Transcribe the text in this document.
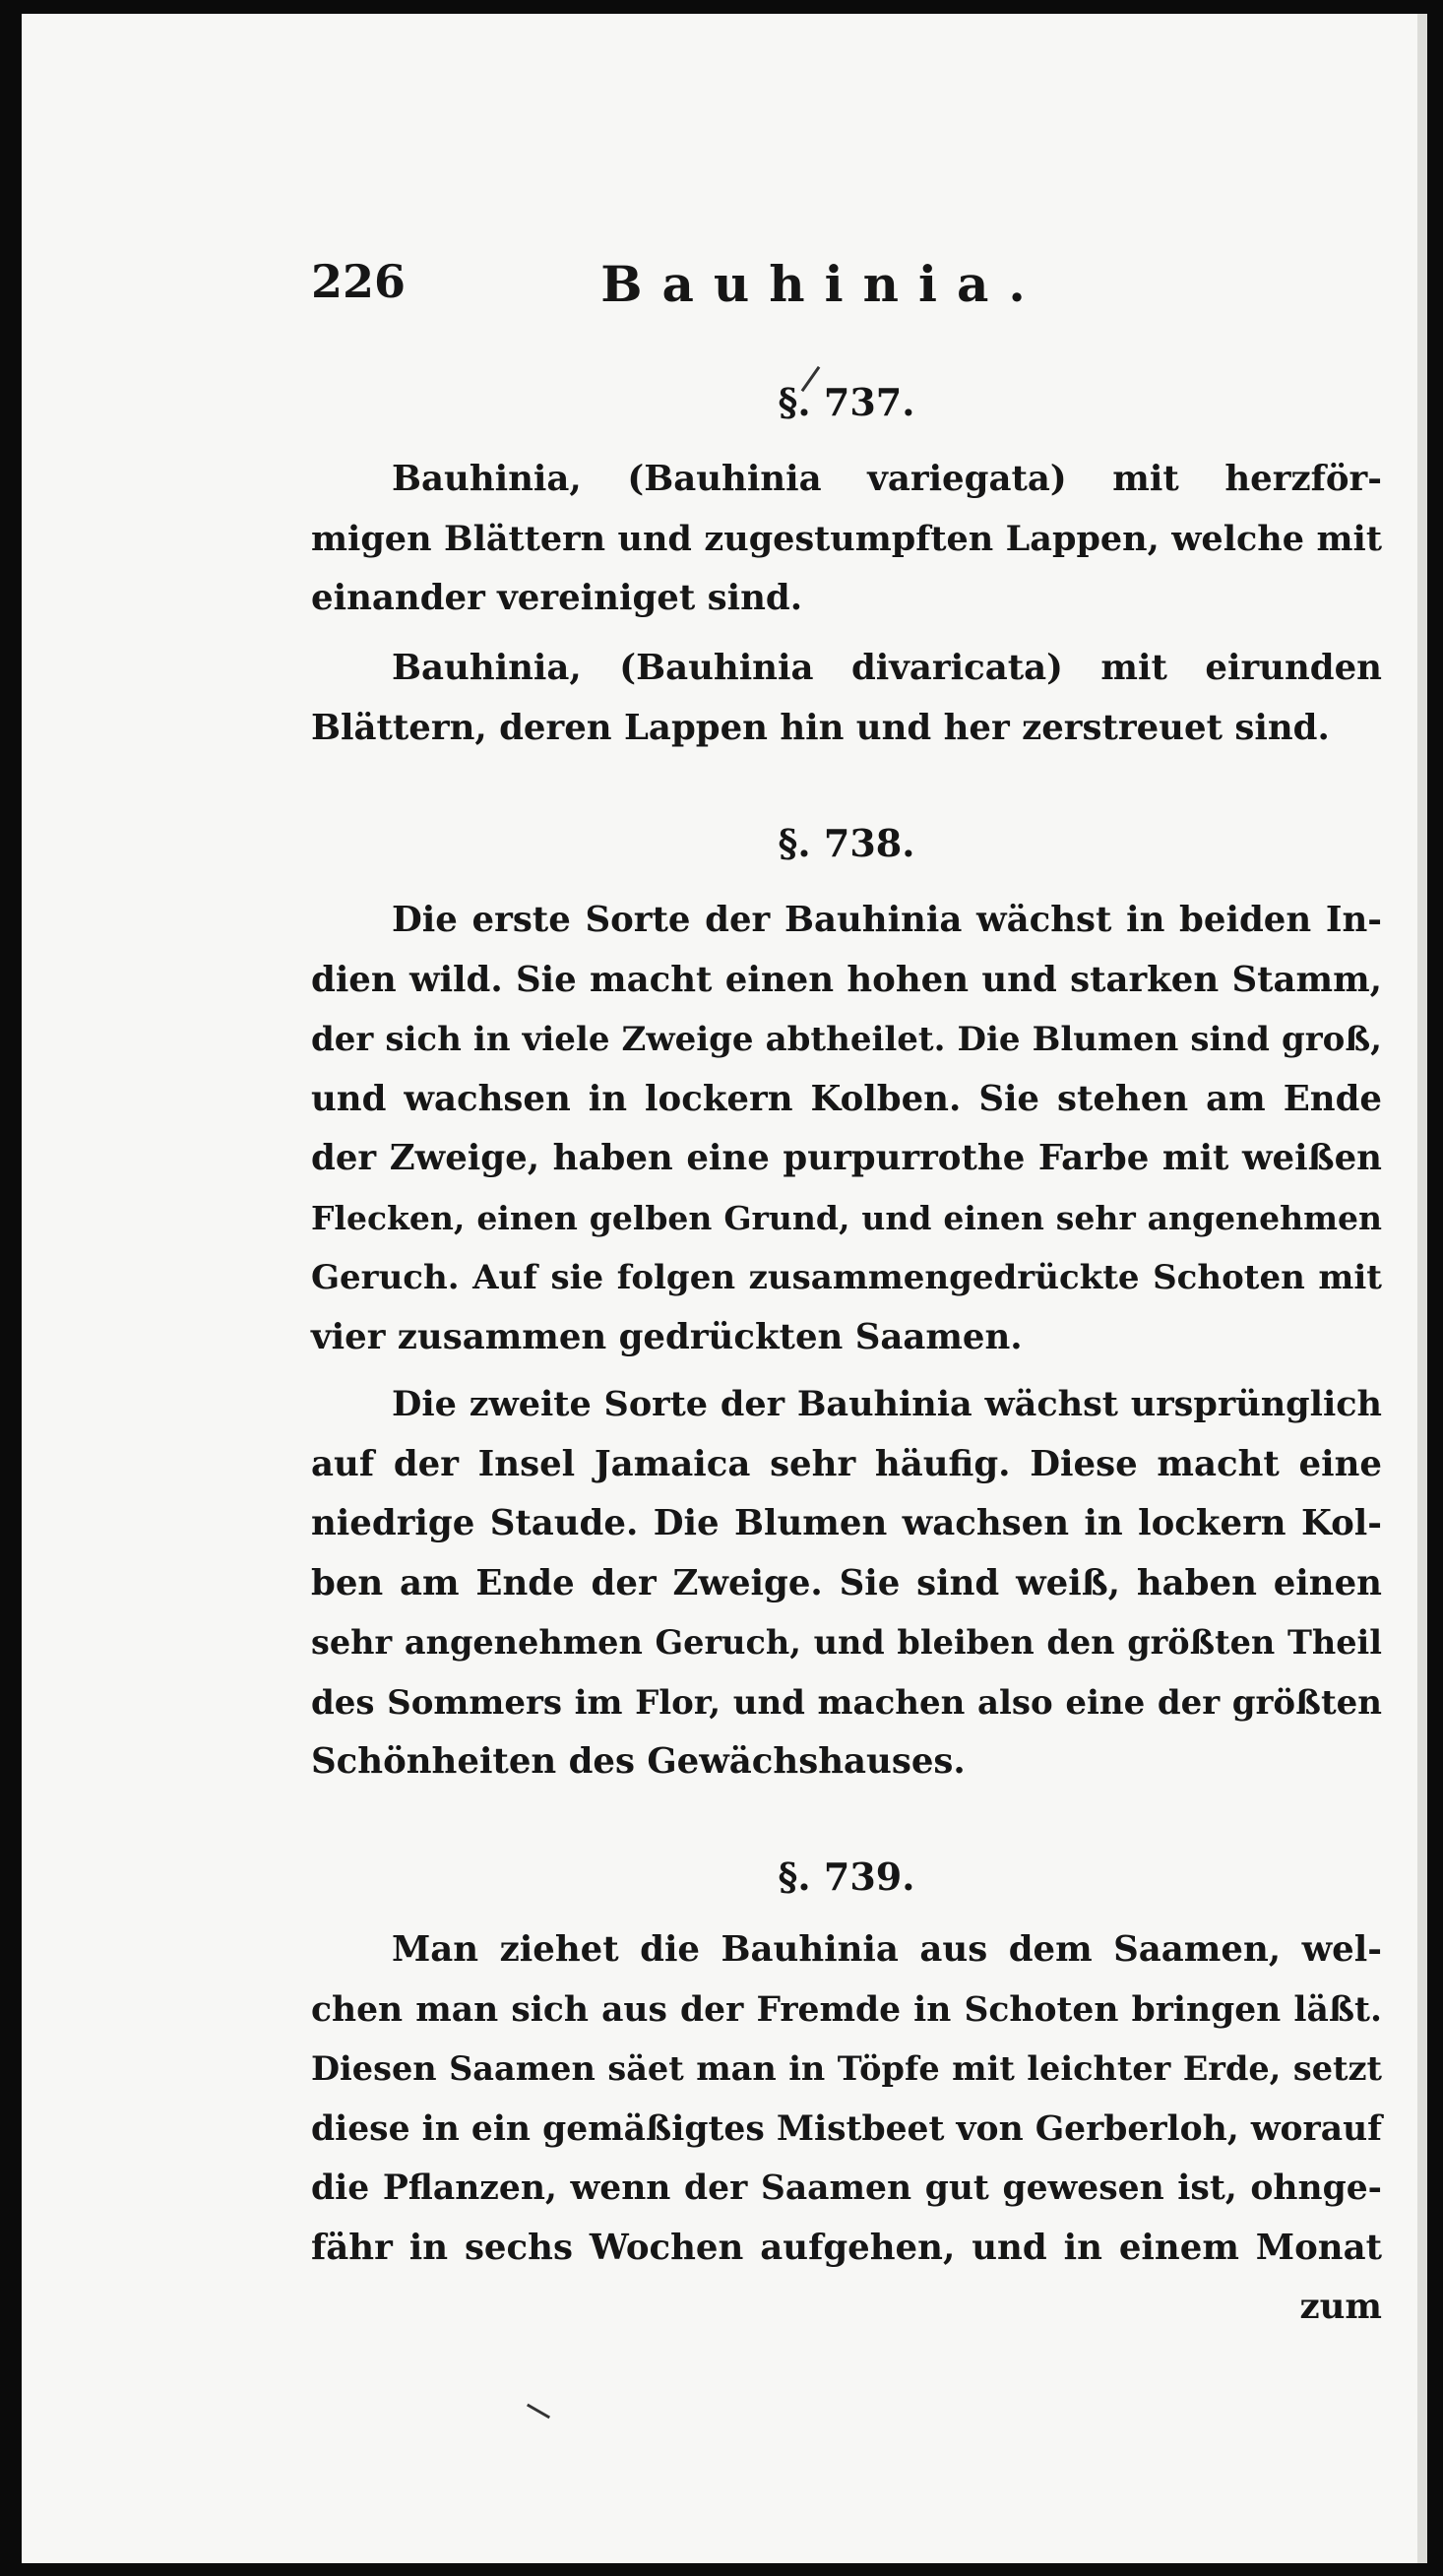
226	Bauhinia.
§. 737.
Bauhinia, (Bauhinia variegata) mit herzför-
migen Blättern und zugestumpften Lappen, welche mit
einander vereiniget sind.
Bauhinia, (Bauhinia divaricata) mit eirunden
Blättern, deren Lappen hin und her zerstreuet sind.
§. 738.
Die erste Sorte der Bauhinia wächst in beiden In-
dien wild. Sie macht einen hohen und starken Stamm,
der sich in viele Zweige abtheilet. Die Blumen sind groß,
und wachsen in lockern Kolben. Sie stehen am Ende
der Zweige, haben eine purpurrothe Farbe mit weißen
Flecken, einen gelben Grund, und einen sehr angenehmen
Geruch. Auf sie folgen zusammengedrückte Schoten mit
vier zusammen gedrückten Saamen.
Die zweite Sorte der Bauhinia wächst ursprünglich
auf der Insel Jamaica sehr häufig. Diese macht eine
niedrige Staude. Die Blumen wachsen in lockern Kol-
ben am Ende der Zweige. Sie sind weiß, haben einen
sehr angenehmen Geruch, und bleiben den größten Theil
des Sommers im Flor, und machen also eine der größten
Schönheiten des Gewächshauses.
§. 739.
Man ziehet die Bauhinia aus dem Saamen, wel-
chen man sich aus der Fremde in Schoten bringen läßt.
Diesen Saamen säet man in Töpfe mit leichter Erde, setzt
diese in ein gemäßigtes Mistbeet von Gerberloh, worauf
die Pflanzen, wenn der Saamen gut gewesen ist, ohnge-
fähr in sechs Wochen aufgehen, und in einem Monat
zum
